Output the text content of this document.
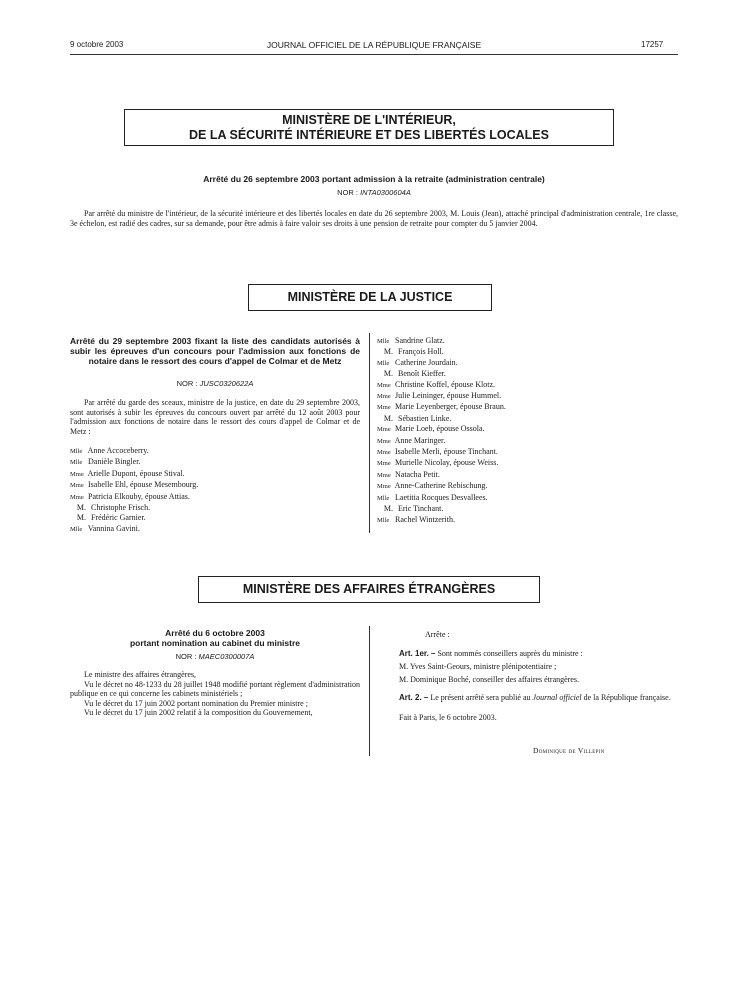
9 octobre 2003	JOURNAL OFFICIEL DE LA RÉPUBLIQUE FRANÇAISE	17257
MINISTÈRE DE L'INTÉRIEUR,
DE LA SÉCURITÉ INTÉRIEURE ET DES LIBERTÉS LOCALES
Arrêté du 26 septembre 2003 portant admission à la retraite (administration centrale)
NOR : INTA0300604A

Par arrêté du ministre de l'intérieur, de la sécurité intérieure et des libertés locales en date du 26 septembre 2003, M. Louis (Jean), attaché principal d'administration centrale, 1re classe, 3e échelon, est radié des cadres, sur sa demande, pour être admis à faire valoir ses droits à une pension de retraite pour compter du 5 janvier 2004.

MINISTÈRE DE LA JUSTICE
Arrêté du 29 septembre 2003 fixant la liste des candidats autorisés à subir les épreuves d'un concours pour l'admission aux fonctions de notaire dans le ressort des cours d'appel de Colmar et de Metz
NOR : JUSC0320622A

Par arrêté du garde des sceaux, ministre de la justice, en date du 29 septembre 2003, sont autorisés à subir les épreuves du concours ouvert par arrêté du 12 août 2003 pour l'admission aux fonctions de notaire dans le ressort des cours d'appel de Colmar et de Metz :

Mlle Anne Accoceberry.
Mlle Danièle Bingler.
Mme Arielle Dupont, épouse Stival.
Mme Isabelle Ehl, épouse Mesembourg.
Mme Patricia Elkouby, épouse Attias.
M. Christophe Frisch.
M. Frédéric Garnier.
Mlle Vannina Gavini.
Mlle Sandrine Glatz.
M. François Holl.
Mlle Catherine Jourdain.
M. Benoît Kieffer.
Mme Christine Koffel, épouse Klotz.
Mme Julie Leininger, épouse Hummel.
Mme Marie Leyenberger, épouse Braun.
M. Sébastien Linke.
Mme Marie Loeb, épouse Ossola.
Mme Anne Maringer.
Mme Isabelle Merli, épouse Tinchant.
Mme Murielle Nicolay, épouse Weiss.
Mme Natacha Petit.
Mme Anne-Catherine Rebischung.
Mlle Laetitia Rocques Desvallees.
M. Eric Tinchant.
Mlle Rachel Wintzerith.
MINISTÈRE DES AFFAIRES ÉTRANGÈRES
Arrêté du 6 octobre 2003
portant nomination au cabinet du ministre
NOR : MAEC0300007A

Le ministre des affaires étrangères,

Vu le décret no 48-1233 du 28 juillet 1948 modifié portant règlement d'administration publique en ce qui concerne les cabinets ministériels ;

Vu le décret du 17 juin 2002 portant nomination du Premier ministre ;

Vu le décret du 17 juin 2002 relatif à la composition du Gouvernement,

Arrête :

Art. 1er. – Sont nommés conseillers auprès du ministre :

M. Yves Saint-Geours, ministre plénipotentiaire ;

M. Dominique Boché, conseiller des affaires étrangères.

Art. 2. – Le présent arrêté sera publié au Journal officiel de la République française.

Fait à Paris, le 6 octobre 2003.

Dominique de Villepin
